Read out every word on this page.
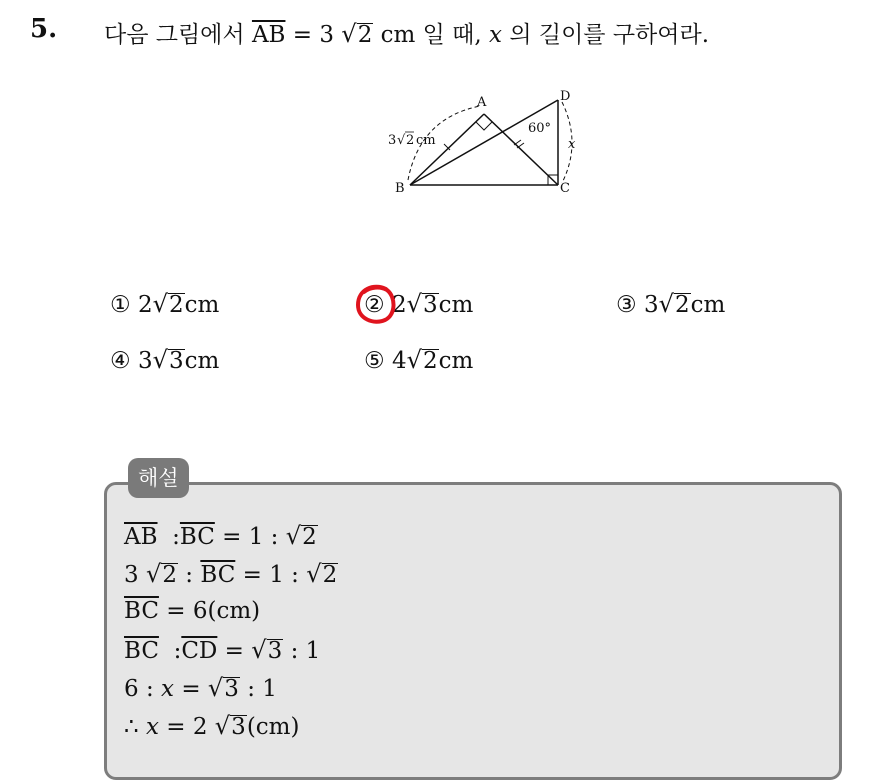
5. 다음 그림에서 $\overline{AB} = 3$ √2 cm 일 때, x 의 길이를 구하여라.
A
B	C
D
60°
x
3 √ 2 cm
① 2√2cm	② 2√3cm	③ 3√2cm
④ 3√3cm	⑤ 4√2cm
해설
$\overline{AB}$ $:\overline{BC} = 1$ : √2
3 √2 : $\overline{BC} = 1$ : √2
$\overline{BC} = 6(cm)$
$\overline{BC}$ $:\overline{CD} = √3$ : 1
6 : x = √3 : 1
∴ x = 2 √3(cm)
